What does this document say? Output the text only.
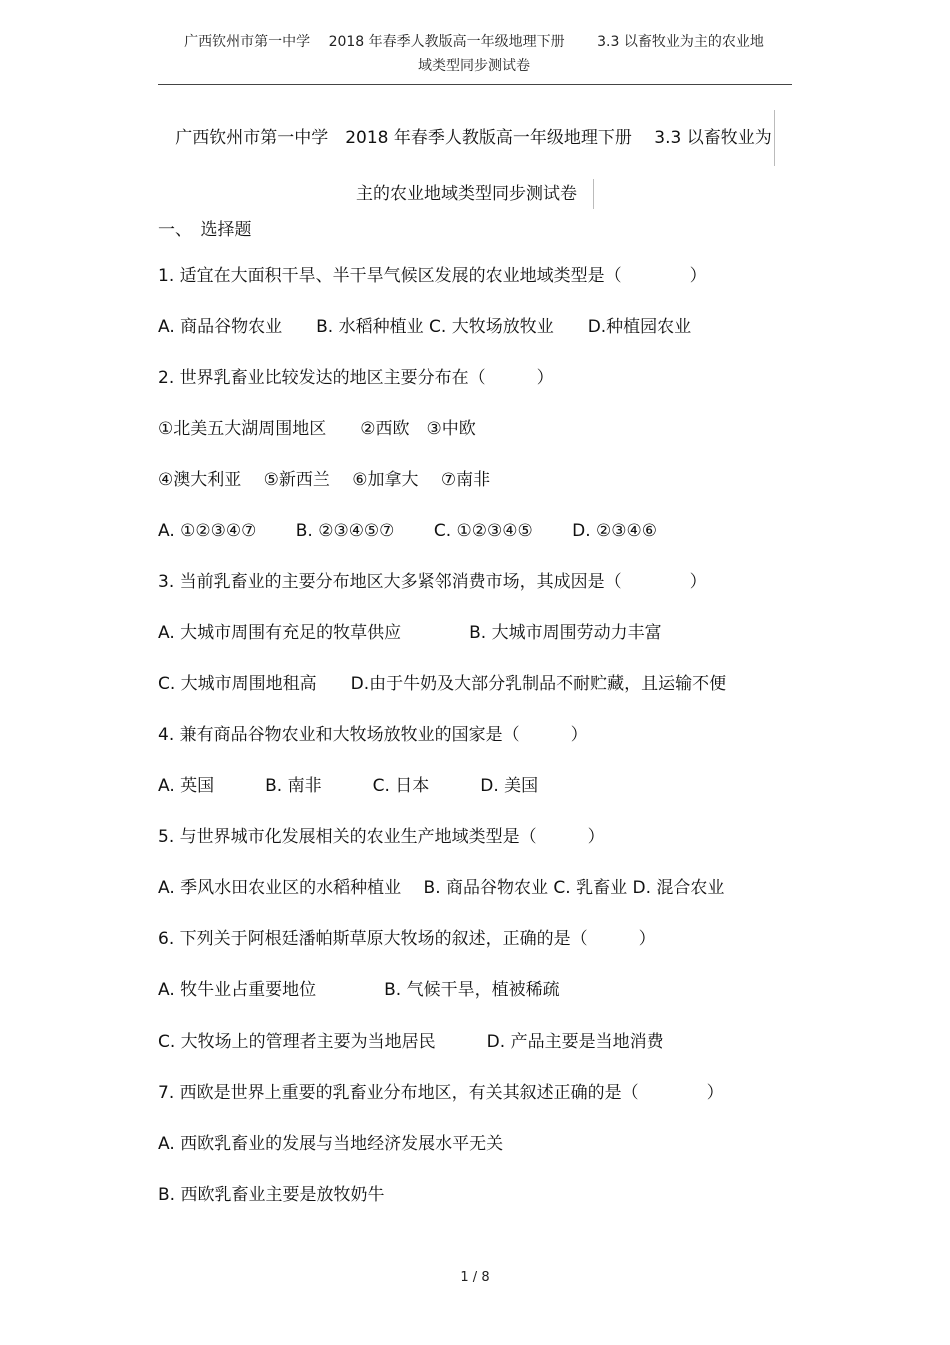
广西钦州市第一中学　 2018 年春季人教版高一年级地理下册　　 3.3 以畜牧业为主的农业地
域类型同步测试卷
广西钦州市第一中学　2018 年春季人教版高一年级地理下册　 3.3 以畜牧业为
主的农业地域类型同步测试卷
一、　选择题
1. 适宜在大面积干旱、半干旱气候区发展的农业地域类型是（　　　　）
A. 商品谷物农业　　B. 水稻种植业 C. 大牧场放牧业　　D.种植园农业
2. 世界乳畜业比较发达的地区主要分布在（　　　）
①北美五大湖周围地区　　②西欧　③中欧
④澳大利亚　 ⑤新西兰　 ⑥加拿大　 ⑦南非
A. ①②③④⑦　　 B. ②③④⑤⑦　　 C. ①②③④⑤　　 D. ②③④⑥
3. 当前乳畜业的主要分布地区大多紧邻消费市场，其成因是（　　　　）
A. 大城市周围有充足的牧草供应　　　　B. 大城市周围劳动力丰富
C. 大城市周围地租高　　D.由于牛奶及大部分乳制品不耐贮藏，且运输不便
4. 兼有商品谷物农业和大牧场放牧业的国家是（　　　）
A. 英国　　　B. 南非　　　C. 日本　　　D. 美国
5. 与世界城市化发展相关的农业生产地域类型是（　　　）
A. 季风水田农业区的水稻种植业　 B. 商品谷物农业 C. 乳畜业 D. 混合农业
6. 下列关于阿根廷潘帕斯草原大牧场的叙述，正确的是（　　　）
A. 牧牛业占重要地位　　　　B. 气候干旱，植被稀疏
C. 大牧场上的管理者主要为当地居民　　　D. 产品主要是当地消费
7. 西欧是世界上重要的乳畜业分布地区，有关其叙述正确的是（　　　　）
A. 西欧乳畜业的发展与当地经济发展水平无关
B. 西欧乳畜业主要是放牧奶牛
1 / 8
